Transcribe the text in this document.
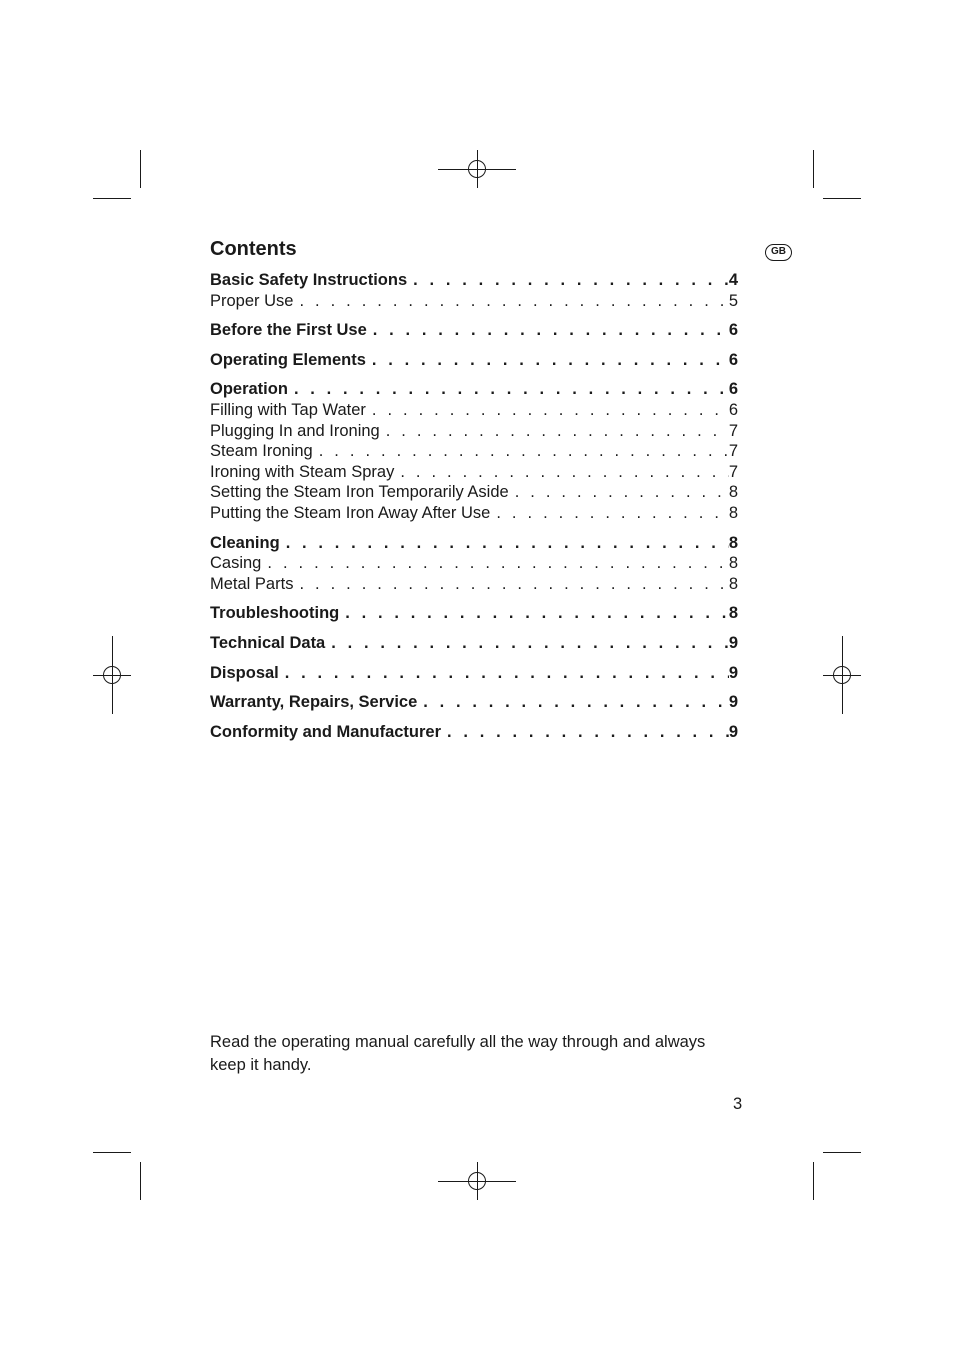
Contents	GB
Basic Safety Instructions . . .	4
Proper Use . . .	5
Before the First Use . . .	6
Operating Elements . . .	6
Operation . . .	6
Filling with Tap Water . . .	6
Plugging In and Ironing . . .	7
Steam Ironing . . .	7
Ironing with Steam Spray . . .	7
Setting the Steam Iron Temporarily Aside . . .	8
Putting the Steam Iron Away After Use . . .	8
Cleaning . . .	8
Casing . . .	8
Metal Parts . . .	8
Troubleshooting . . .	8
Technical Data . . .	9
Disposal . . .	9
Warranty, Repairs, Service . . .	9
Conformity and Manufacturer . . .	9
Read the operating manual carefully all the way through and always keep it handy.
3
